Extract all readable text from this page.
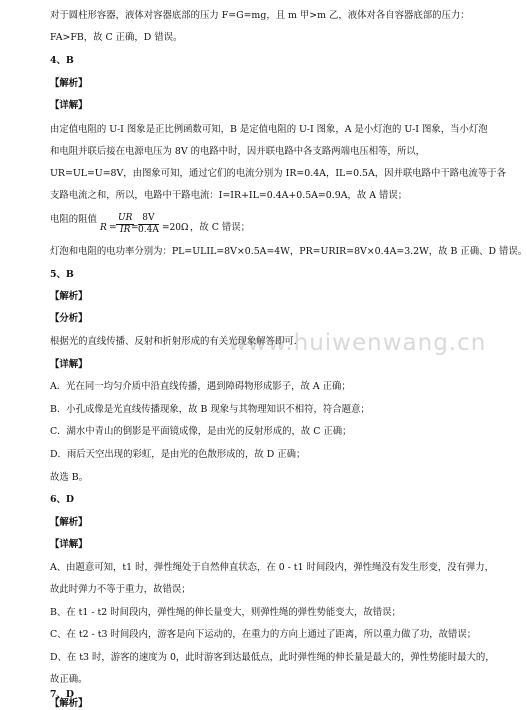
对于圆柱形容器，液体对容器底部的压力 F=G=mg，且 m 甲>m 乙，液体对各自容器底部的压力：
FA>FB，故 C 正确，D 错误。
4、B
【解析】
【详解】
由定值电阻的 U-I 图象是正比例函数可知，B 是定值电阻的 U-I 图象，A 是小灯泡的 U-I 图象，当小灯泡
和电阻并联后接在电源电压为 8V 的电路中时，因并联电路中各支路两端电压相等，所以，
UR=UL=U=8V，由图象可知，通过它们的电流分别为 IR=0.4A，IL=0.5A，因并联电路中干路电流等于各
支路电流之和，所以，电路中干路电流：I=IR+IL=0.4A+0.5A=0.9A，故 A 错误；
电阻的阻值
$R = \frac{UR}{IR}$
= $\frac{8V}{0.4A} =20\Omega$ ，故 C 错误；
灯泡和电阻的电功率分别为：PL=ULIL=8V×0.5A=4W，PR=URIR=8V×0.4A=3.2W，故 B 正确、D 错误。
5、B
【解析】
【分析】
根据光的直线传播、反射和折射形成的有关光现象解答即可.
【详解】
A．光在同一均匀介质中沿直线传播，遇到障碍物形成影子，故 A 正确；
B．小孔成像是光直线传播现象，故 B 现象与其物理知识不相符，符合题意；
C．湖水中青山的倒影是平面镜成像，是由光的反射形成的，故 C 正确；
D．雨后天空出现的彩虹，是由光的色散形成的，故 D 正确；
故选 B。
6、D
【解析】
【详解】
A、由题意可知，t1 时，弹性绳处于自然伸直状态，在 0 - t1 时间段内，弹性绳没有发生形变，没有弹力，
故此时弹力不等于重力，故错误；
B、在 t1 - t2 时间段内，弹性绳的伸长量变大，则弹性绳的弹性势能变大，故错误；
C、在 t2 - t3 时间段内，游客是向下运动的，在重力的方向上通过了距离，所以重力做了功，故错误；
D、在 t3 时，游客的速度为 0，此时游客到达最低点，此时弹性绳的伸长量是最大的，弹性势能时最大的，
故正确。
7、D
【解析】
www.huiwenwang.cn
